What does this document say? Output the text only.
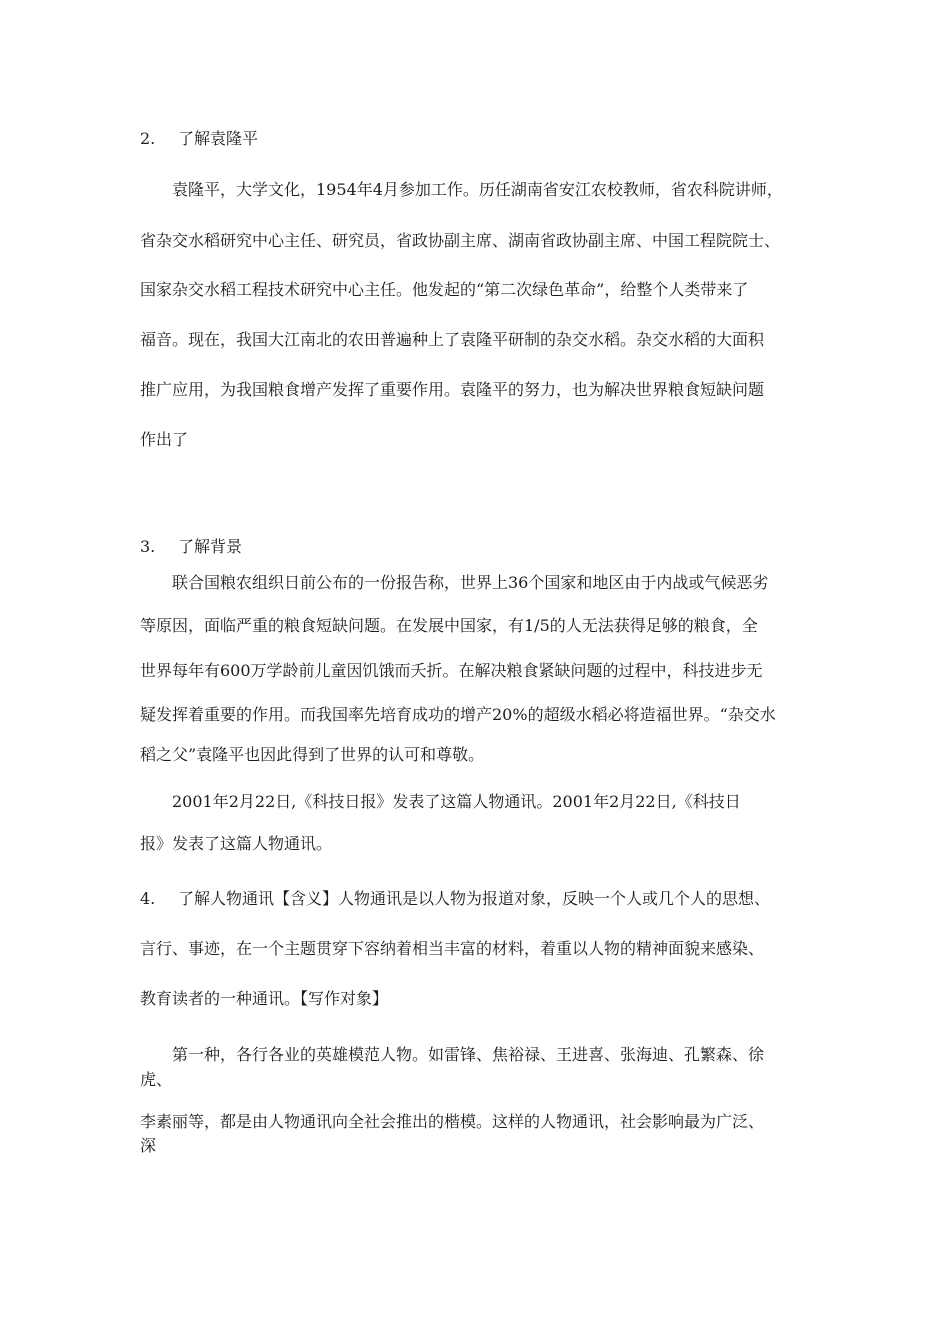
2.	了解袁隆平
袁隆平，大学文化，1954年4月参加工作。历任湖南省安江农校教师，省农科院讲师，
省杂交水稻研究中心主任、研究员，省政协副主席、湖南省政协副主席、中国工程院院士、
国家杂交水稻工程技术研究中心主任。他发起的“第二次绿色革命”，给整个人类带来了
福音。现在，我国大江南北的农田普遍种上了袁隆平研制的杂交水稻。杂交水稻的大面积
推广应用，为我国粮食增产发挥了重要作用。袁隆平的努力，也为解决世界粮食短缺问题
作出了
3.	了解背景
联合国粮农组织日前公布的一份报告称，世界上36个国家和地区由于内战或气候恶劣
等原因，面临严重的粮食短缺问题。在发展中国家，有1/5的人无法获得足够的粮食，全
世界每年有600万学龄前儿童因饥饿而夭折。在解决粮食紧缺问题的过程中，科技进步无
疑发挥着重要的作用。而我国率先培育成功的增产20%的超级水稻必将造福世界。“杂交水
稻之父”袁隆平也因此得到了世界的认可和尊敬。
2001年2月22日,《科技日报》发表了这篇人物通讯。2001年2月22日,《科技日
报》发表了这篇人物通讯。
4.	了解人物通讯【含义】人物通讯是以人物为报道对象，反映一个人或几个人的思想、
言行、事迹，在一个主题贯穿下容纳着相当丰富的材料，着重以人物的精神面貌来感染、
教育读者的一种通讯。【写作对象】
第一种，各行各业的英雄模范人物。如雷锋、焦裕禄、王进喜、张海迪、孔繁森、徐
虎、
李素丽等，都是由人物通讯向全社会推出的楷模。这样的人物通讯，社会影响最为广泛、
深
